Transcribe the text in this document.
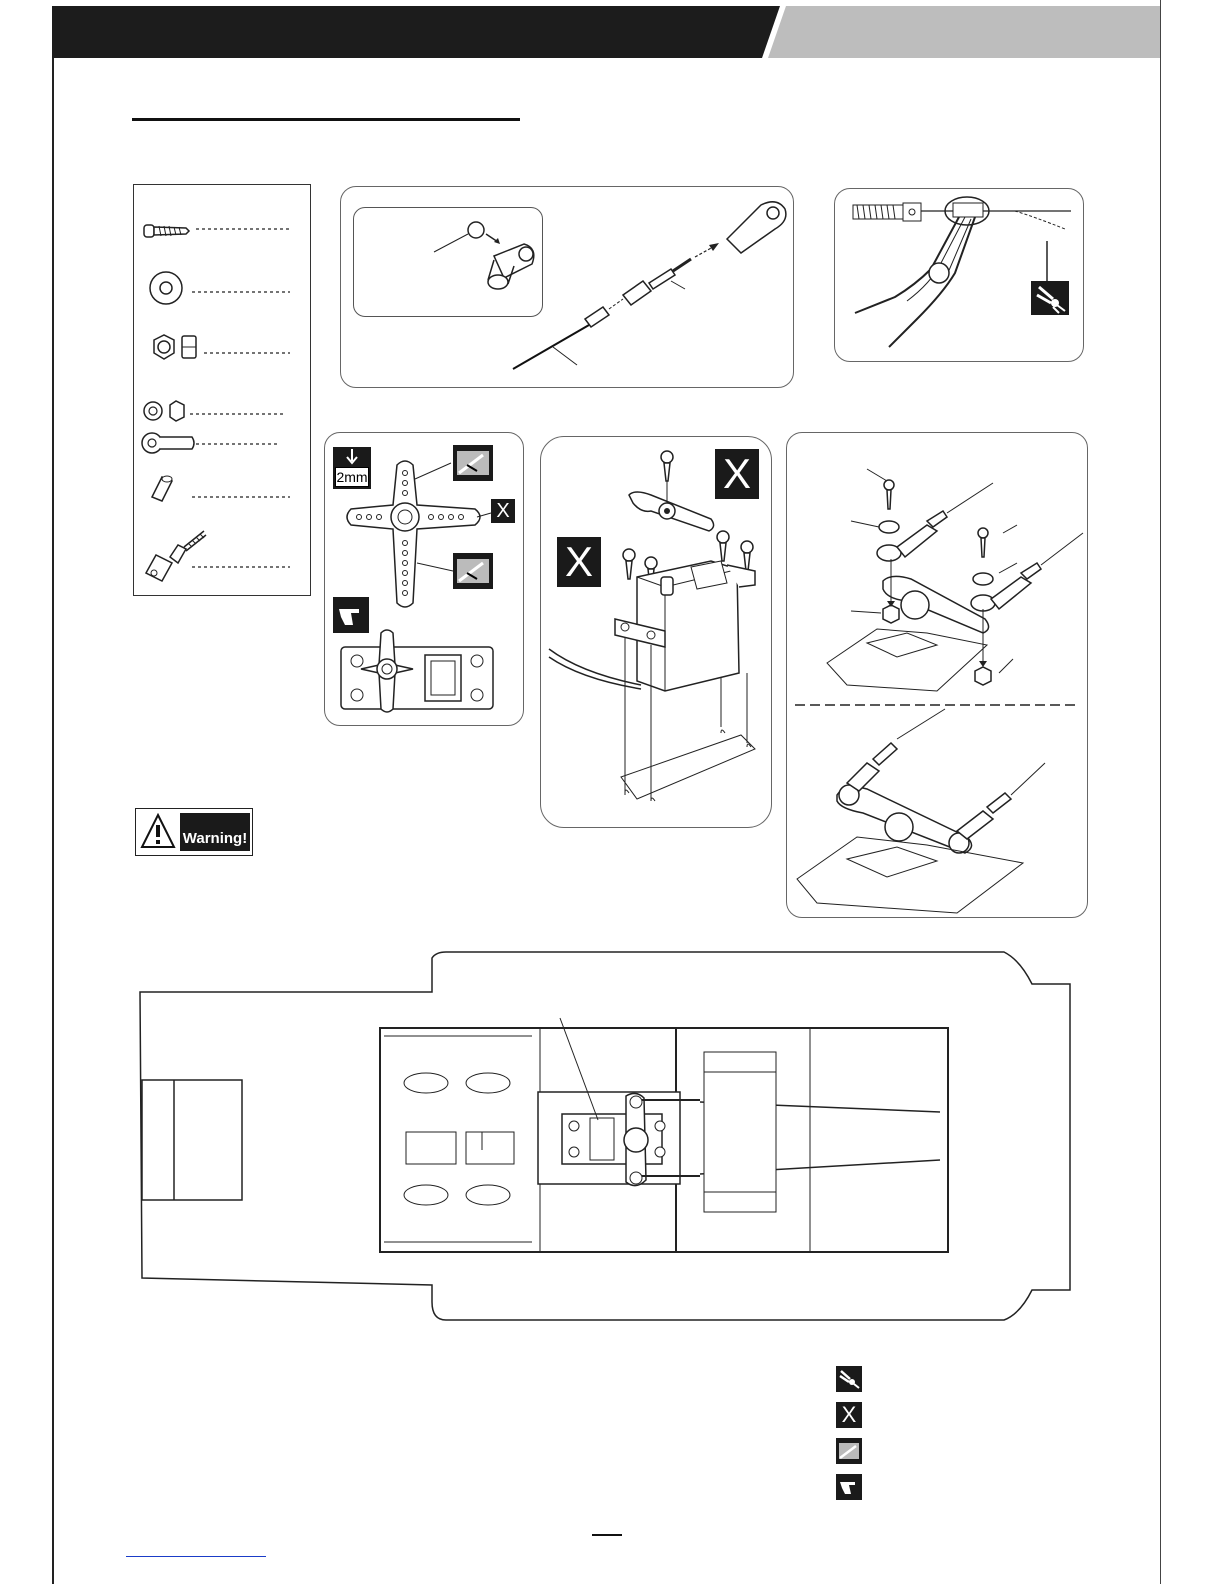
2mm
X
X
X
Warning!
X
